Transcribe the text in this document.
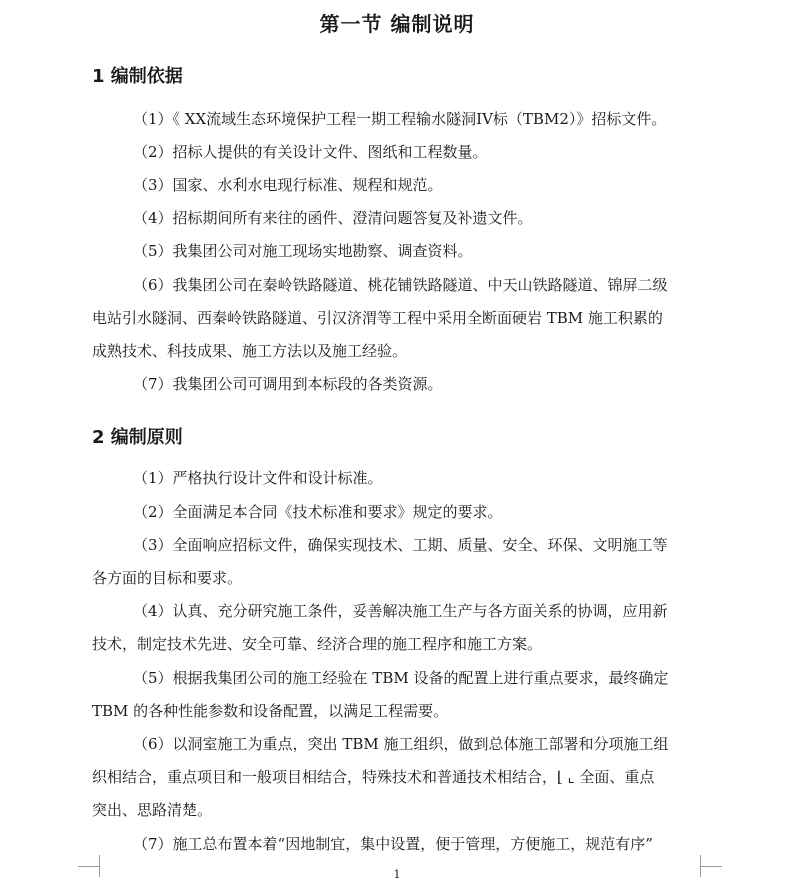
第一节 编制说明
1 编制依据
（1）《 XX流域生态环境保护工程一期工程输水隧洞IV标（TBM2）》招标文件。
（2）招标人提供的有关设计文件、图纸和工程数量。
（3）国家、水利水电现行标准、规程和规范。
（4）招标期间所有来往的函件、澄清问题答复及补遗文件。
（5）我集团公司对施工现场实地勘察、调查资料。
（6）我集团公司在秦岭铁路隧道、桃花铺铁路隧道、中天山铁路隧道、锦屏二级
电站引水隧洞、西秦岭铁路隧道、引汉济渭等工程中采用全断面硬岩 TBM 施工积累的
成熟技术、科技成果、施工方法以及施工经验。
（7）我集团公司可调用到本标段的各类资源。
2 编制原则
（1）严格执行设计文件和设计标准。
（2）全面满足本合同《技术标准和要求》规定的要求。
（3）全面响应招标文件，确保实现技术、工期、质量、安全、环保、文明施工等
各方面的目标和要求。
（4）认真、充分研究施工条件，妥善解决施工生产与各方面关系的协调，应用新
技术，制定技术先进、安全可靠、经济合理的施工程序和施工方案。
（5）根据我集团公司的施工经验在 TBM 设备的配置上进行重点要求，最终确定
TBM 的各种性能参数和设备配置，以满足工程需要。
（6）以洞室施工为重点，突出 TBM 施工组织，做到总体施工部署和分项施工组
织相结合，重点项目和一般项目相结合，特殊技术和普通技术相结合，⌊ ⌞ 全面、重点
突出、思路清楚。
（7）施工总布置本着“因地制宜，集中设置，便于管理，方便施工，规范有序”
1
